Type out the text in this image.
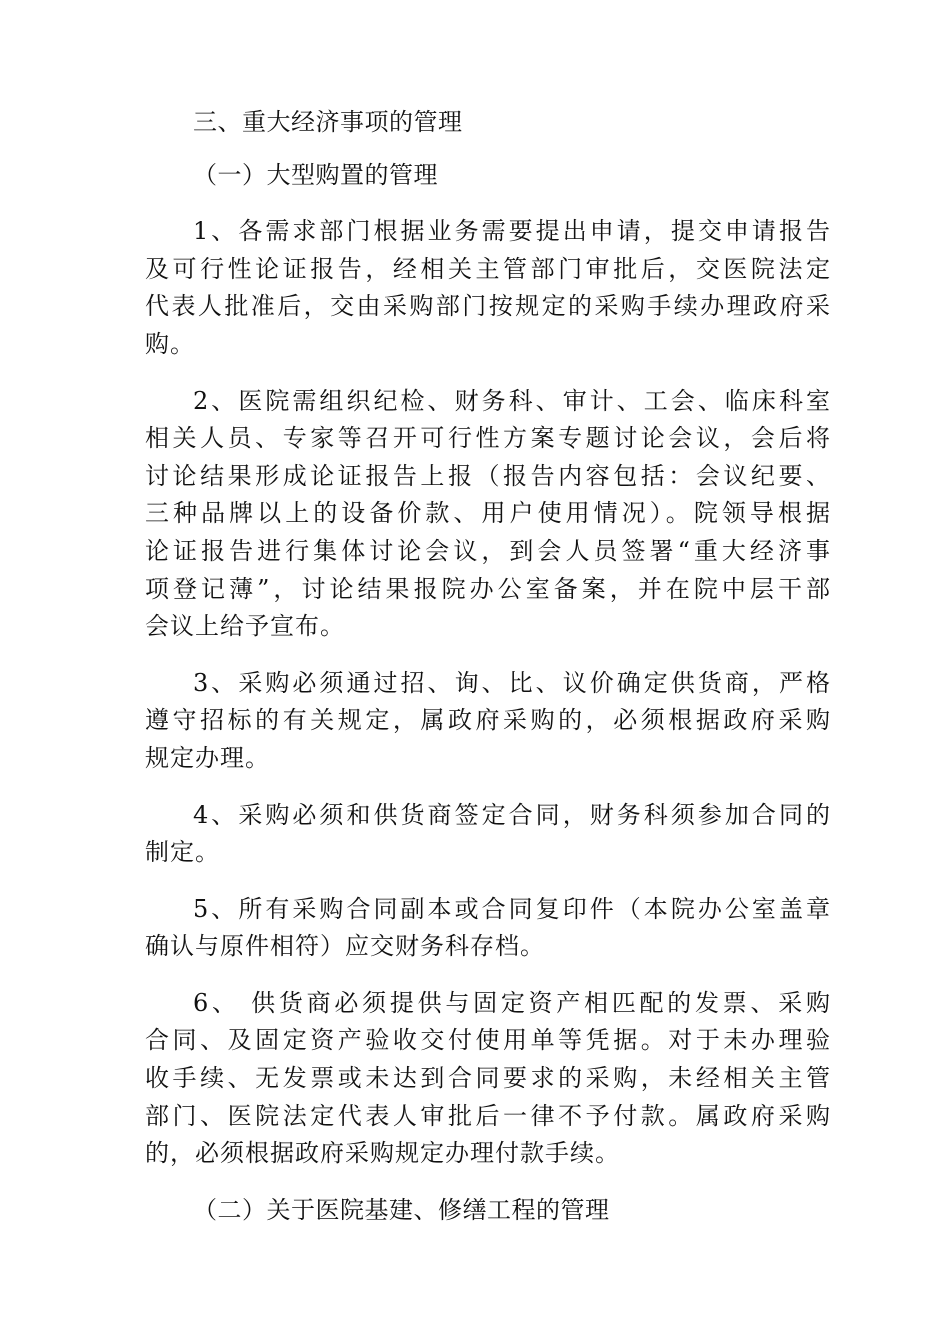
三、重大经济事项的管理
（一）大型购置的管理
1、各需求部门根据业务需要提出申请，提交申请报告
及可行性论证报告，经相关主管部门审批后，交医院法定
代表人批准后，交由采购部门按规定的采购手续办理政府采
购。
2、医院需组织纪检、财务科、审计、工会、临床科室
相关人员、专家等召开可行性方案专题讨论会议，会后将
讨论结果形成论证报告上报（报告内容包括：会议纪要、
三种品牌以上的设备价款、用户使用情况）。院领导根据
论证报告进行集体讨论会议，到会人员签署“重大经济事
项登记薄”，讨论结果报院办公室备案，并在院中层干部
会议上给予宣布。
3、采购必须通过招、询、比、议价确定供货商，严格
遵守招标的有关规定，属政府采购的，必须根据政府采购
规定办理。
4、采购必须和供货商签定合同，财务科须参加合同的
制定。
5、所有采购合同副本或合同复印件（本院办公室盖章
确认与原件相符）应交财务科存档。
6、 供货商必须提供与固定资产相匹配的发票、采购
合同、及固定资产验收交付使用单等凭据。对于未办理验
收手续、无发票或未达到合同要求的采购，未经相关主管
部门、医院法定代表人审批后一律不予付款。属政府采购
的，必须根据政府采购规定办理付款手续。
（二）关于医院基建、修缮工程的管理
